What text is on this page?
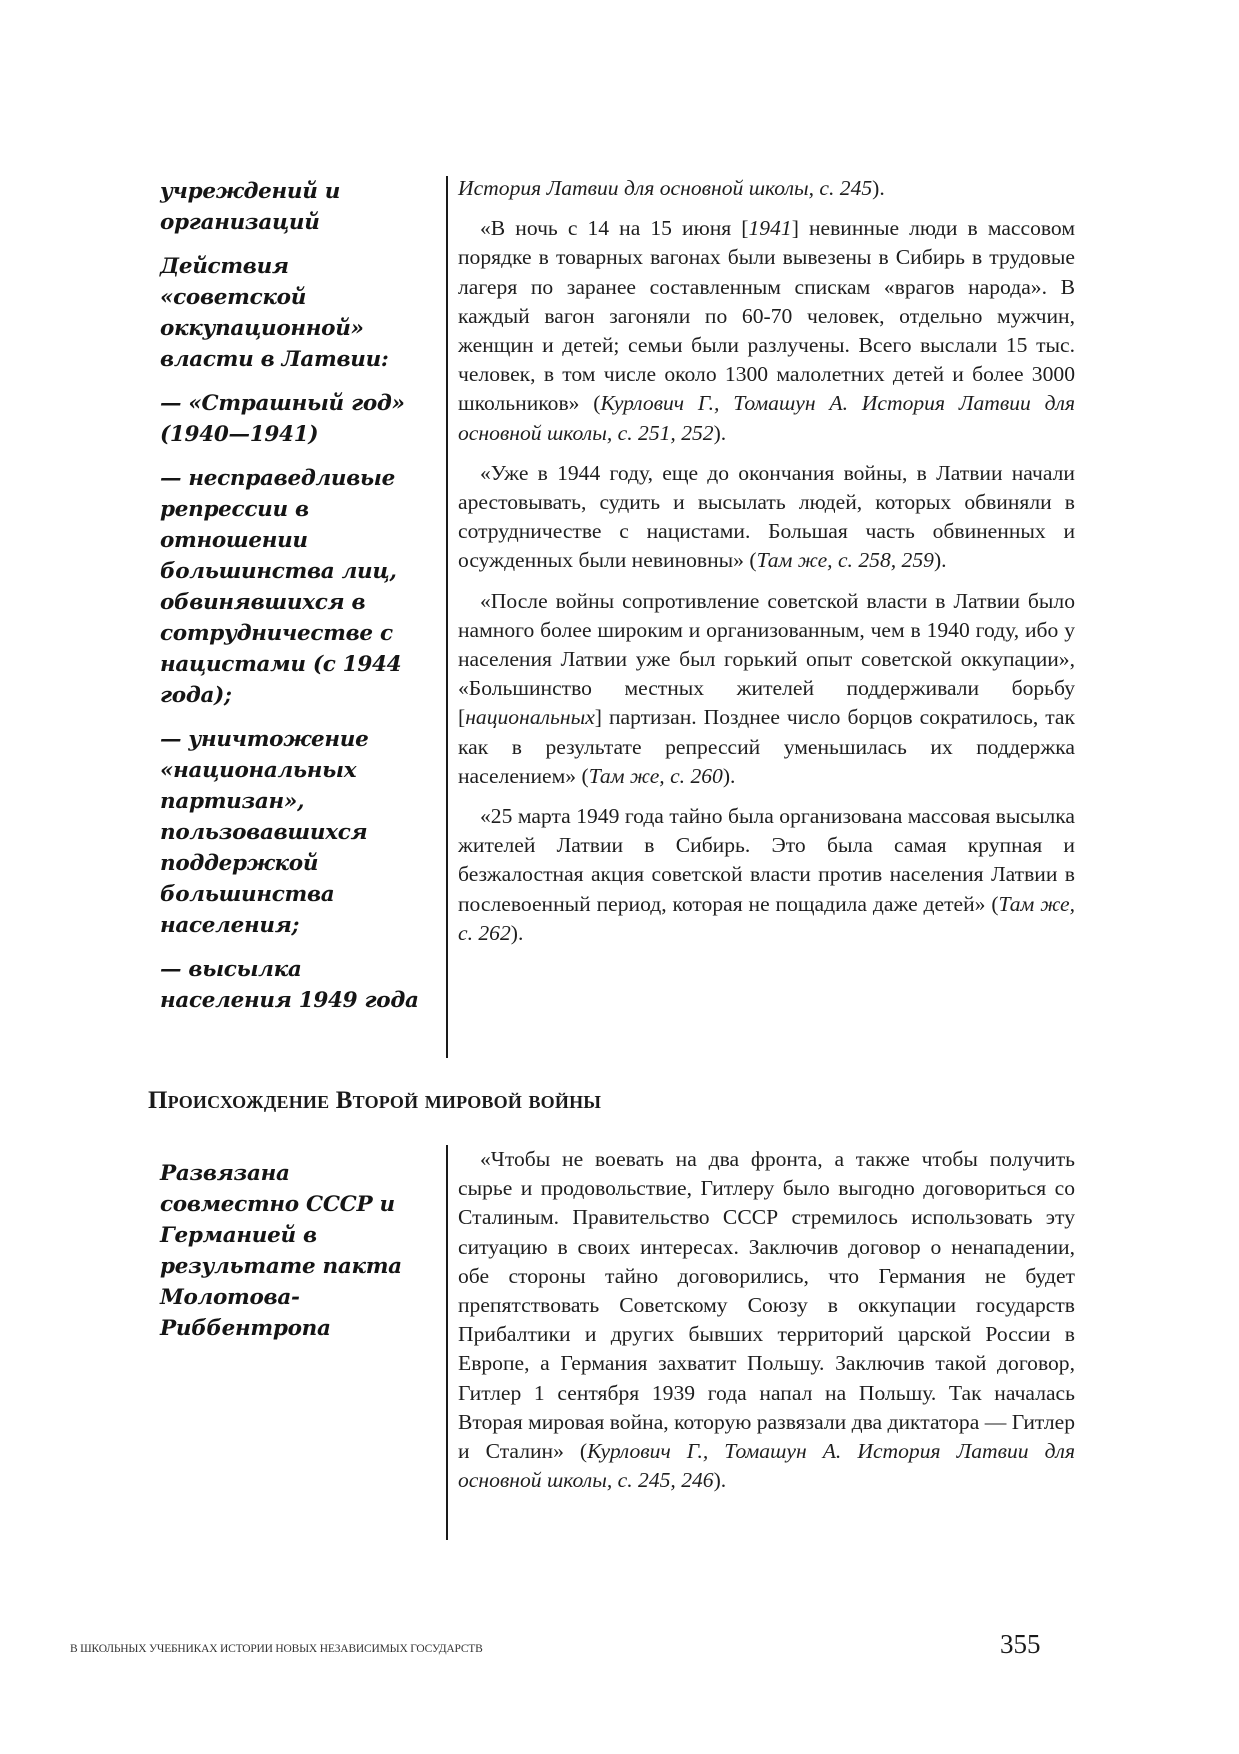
учреждений и организаций

Действия «советской оккупационной» власти в Латвии:

— «Страшный год» (1940—1941)

— несправедливые репрессии в отношении большинства лиц, обвинявшихся в сотрудничестве с нацистами (с 1944 года);

— уничтожение «национальных партизан», пользовавшихся поддержкой большинства населения;

— высылка населения 1949 года

История Латвии для основной школы, с. 245).

«В ночь с 14 на 15 июня [1941] невинные люди в массовом порядке в товарных вагонах были вывезены в Сибирь в трудовые лагеря по заранее составленным спискам «врагов народа». В каждый вагон загоняли по 60-70 человек, отдельно мужчин, женщин и детей; семьи были разлучены. Всего выслали 15 тыс. человек, в том числе около 1300 малолетних детей и более 3000 школьников» (Курлович Г., Томашун А. История Латвии для основной школы, с. 251, 252).

«Уже в 1944 году, еще до окончания войны, в Латвии начали арестовывать, судить и высылать людей, которых обвиняли в сотрудничестве с нацистами. Большая часть обвиненных и осужденных были невиновны» (Там же, с. 258, 259).

«После войны сопротивление советской власти в Латвии было намного более широким и организованным, чем в 1940 году, ибо у населения Латвии уже был горький опыт советской оккупации», «Большинство местных жителей поддерживали борьбу [национальных] партизан. Позднее число борцов сократилось, так как в результате репрессий уменьшилась их поддержка населением» (Там же, с. 260).

«25 марта 1949 года тайно была организована массовая высылка жителей Латвии в Сибирь. Это была самая крупная и безжалостная акция советской власти против населения Латвии в послевоенный период, которая не пощадила даже детей» (Там же, с. 262).

Происхождение Второй мировой войны

Развязана совместно СССР и Германией в результате пакта Молотова-Риббентропа

«Чтобы не воевать на два фронта, а также чтобы получить сырье и продовольствие, Гитлеру было выгодно договориться со Сталиным. Правительство СССР стремилось использовать эту ситуацию в своих интересах. Заключив договор о ненападении, обе стороны тайно договорились, что Германия не будет препятствовать Советскому Союзу в оккупации государств Прибалтики и других бывших территорий царской России в Европе, а Германия захватит Польшу. Заключив такой договор, Гитлер 1 сентября 1939 года напал на Польшу. Так началась Вторая мировая война, которую развязали два диктатора — Гитлер и Сталин» (Курлович Г., Томашун А. История Латвии для основной школы, с. 245, 246).

В ШКОЛЬНЫХ УЧЕБНИКАХ ИСТОРИИ НОВЫХ НЕЗАВИСИМЫХ ГОСУДАРСТВ	355
